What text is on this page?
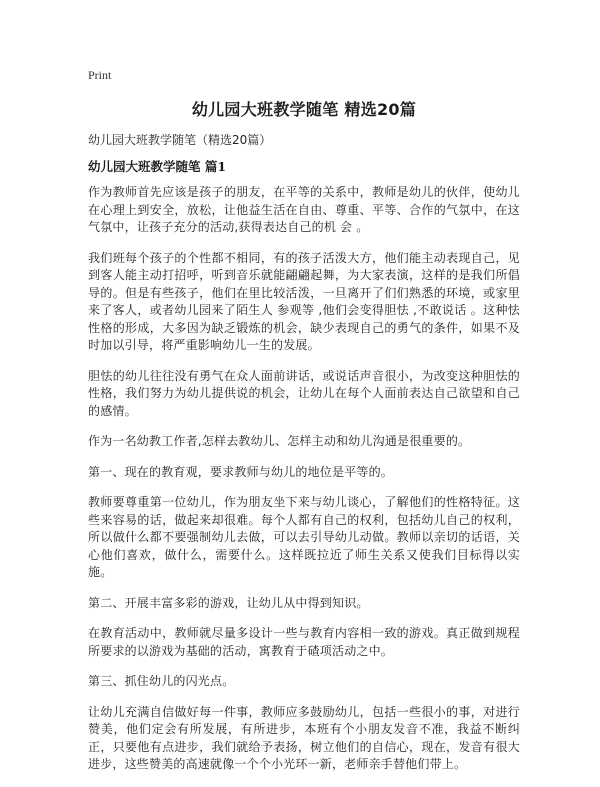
Print
幼儿园大班教学随笔 精选20篇
幼儿园大班教学随笔（精选20篇）
幼儿园大班教学随笔 篇1

作为教师首先应该是孩子的朋友，在平等的关系中，教师是幼儿的伙伴，使幼儿在心理上到安全，放松，让他益生活在自由、尊重、平等、合作的气氛中，在这气氛中，让孩子充分的活动,获得表达自己的机 会 。

我们班每个孩子的个性都不相同，有的孩子活泼大方，他们能主动表现自己，见到客人能主动打招呼，听到音乐就能翩翩起舞，为大家表演，这样的是我们所倡导的。但是有些孩子，他们在里比较活泼，一旦离开了们们熟悉的环境，或家里来了客人，或者幼儿园来了陌生人 参观等 ,他们会变得胆怯 ,不敢说话 。这种怯性格的形成，大多因为缺乏锻炼的机会，缺少表现自己的勇气的条件，如果不及时加以引导，将严重影响幼儿一生的发展。

胆怯的幼儿往往没有勇气在众人面前讲话，或说话声音很小，为改变这种胆怯的性格，我们努力为幼儿提供说的机会，让幼儿在每个人面前表达自己欲望和自己的感情。

作为一名幼教工作者,怎样去教幼儿、怎样主动和幼儿沟通是很重要的。

第一、现在的教育观，要求教师与幼儿的地位是平等的。

教师要尊重第一位幼儿，作为朋友坐下来与幼儿谈心，了解他们的性格特征。这些来容易的话，做起来却很难。每个人都有自己的权利，包括幼儿自己的权利，所以做什么都不要强制幼儿去做，可以去引导幼儿动做。教师以亲切的话语，关心他们喜欢，做什么，需要什么。这样既拉近了师生关系又使我们目标得以实施。

第二、开展丰富多彩的游戏，让幼儿从中得到知识。

在教育活动中，教师就尽量多设计一些与教育内容相一致的游戏。真正做到规程所要求的以游戏为基础的活动，寓教育于碴项活动之中。

第三、抓住幼儿的闪光点。

让幼儿充满自信做好每一件事，教师应多鼓励幼儿，包括一些很小的事，对进行赞美，他们定会有所发展，有所进步，本班有个小朋友发音不准，我益不断纠正，只要他有点进步，我们就给予表扬，树立他们的自信心，现在，发音有很大进步，这些赞美的高速就像一个个小光环一新，老师亲手替他们带上。
